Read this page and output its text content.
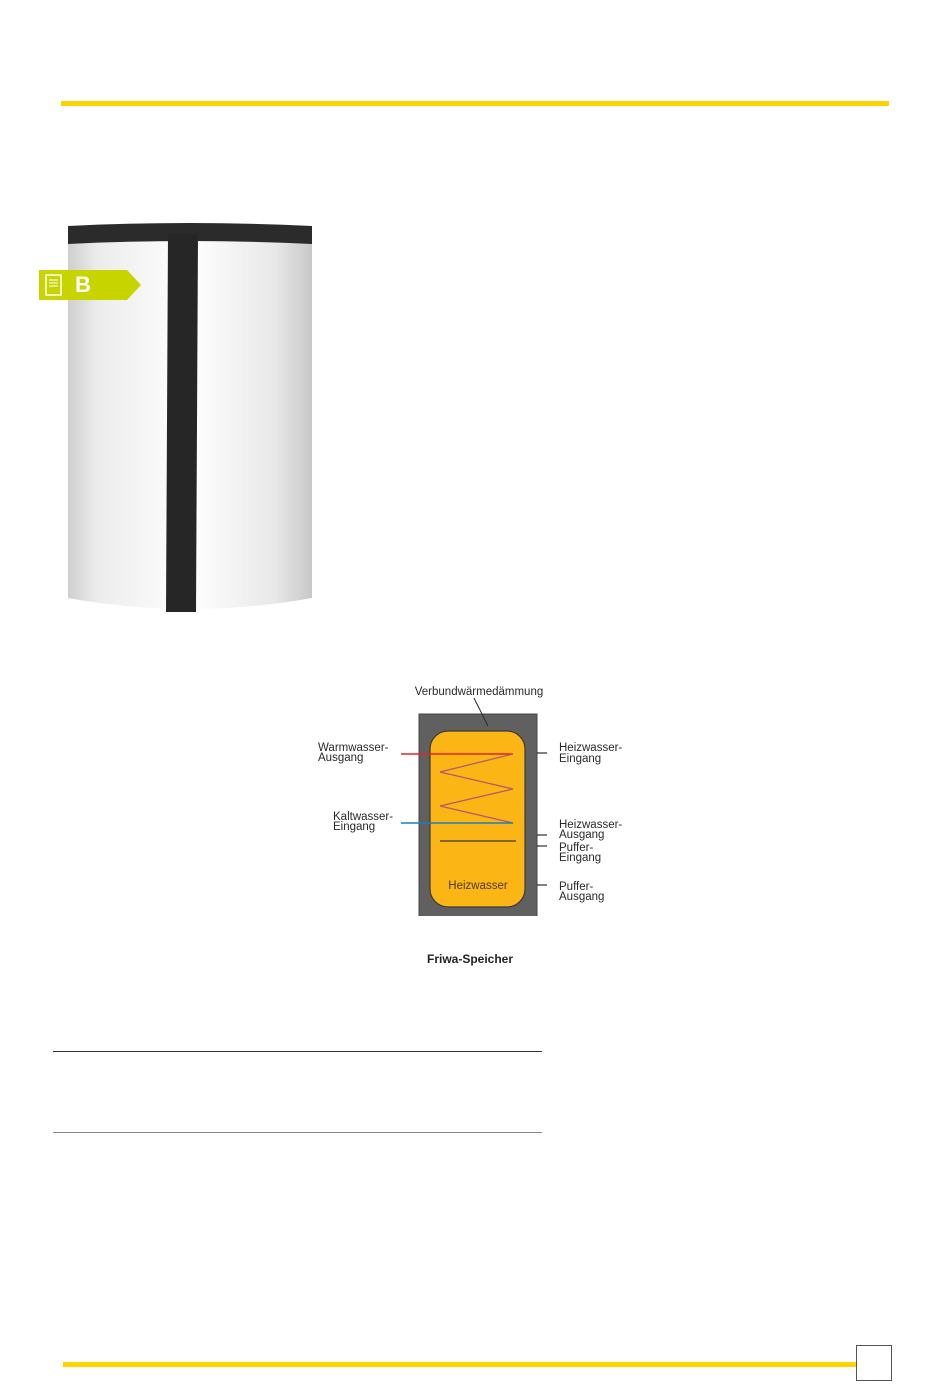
B
Verbundwärmedämmung
Warmwasser-
Ausgang
Kaltwasser-
Eingang
Heizwasser-
Eingang
Heizwasser-
Ausgang
Puffer-
Eingang
Puffer-
Ausgang
Heizwasser
Friwa-Speicher
